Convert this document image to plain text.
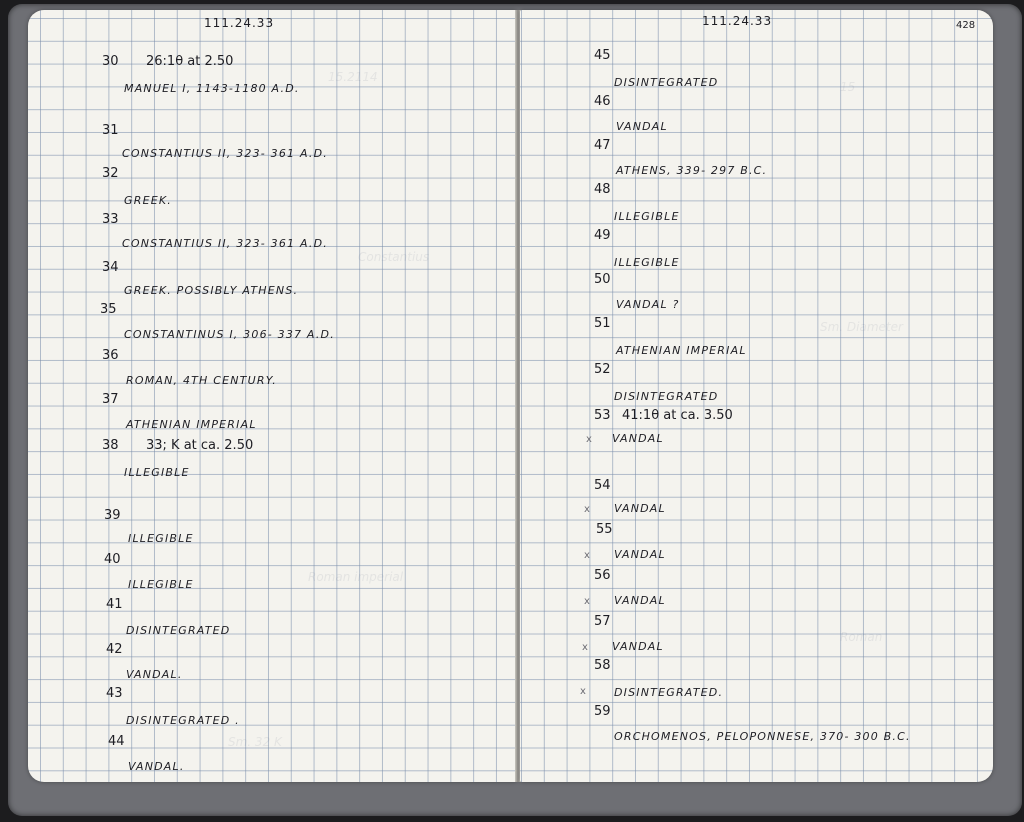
15.2114
Constantius
Roman imperial
Sm. 32 K
111.24.33
30 26:1θ at 2.50
MANUEL I, 1143-1180 A.D.
31
CONSTANTIUS II, 323- 361 A.D.
32
GREEK.
33
CONSTANTIUS II, 323- 361 A.D.
34
GREEK. POSSIBLY ATHENS.
35
CONSTANTINUS I, 306- 337 A.D.
36
ROMAN, 4TH CENTURY.
37
ATHENIAN IMPERIAL
38 33; K at ca. 2.50
ILLEGIBLE
39
ILLEGIBLE
40
ILLEGIBLE
41
DISINTEGRATED
42
VANDAL.
43
DISINTEGRATED .
44
VANDAL.
15
Sm. Diameter
Roman
111.24.33	428
45
DISINTEGRATED
46
VANDAL
47
ATHENS, 339- 297 B.C.
48
ILLEGIBLE
49
ILLEGIBLE
50
VANDAL ?
51
ATHENIAN IMPERIAL
52
DISINTEGRATED
53 41:1θ at ca. 3.50
x VANDAL
54
x VANDAL
55
x VANDAL
56
x VANDAL
57
x VANDAL
58
x	DISINTEGRATED.
59
ORCHOMENOS, PELOPONNESE, 370- 300 B.C.
